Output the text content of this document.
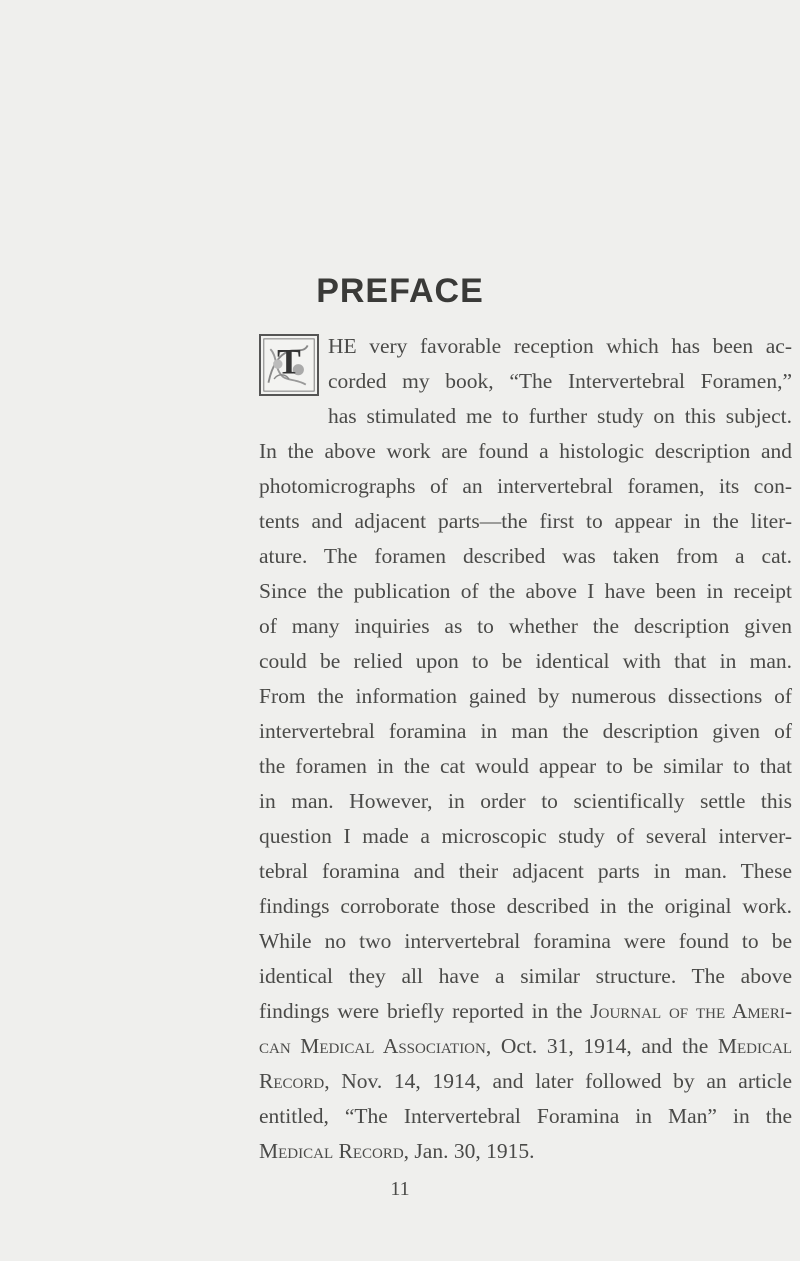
PREFACE
T HE very favorable reception which has been ac-
corded my book, “The Intervertebral Foramen,”
has stimulated me to further study on this subject.
In the above work are found a histologic description and
photomicrographs of an intervertebral foramen, its con-
tents and adjacent parts—the first to appear in the liter-
ature. The foramen described was taken from a cat.
Since the publication of the above I have been in receipt
of many inquiries as to whether the description given
could be relied upon to be identical with that in man.
From the information gained by numerous dissections of
intervertebral foramina in man the description given of
the foramen in the cat would appear to be similar to that
in man. However, in order to scientifically settle this
question I made a microscopic study of several interver-
tebral foramina and their adjacent parts in man. These
findings corroborate those described in the original work.
While no two intervertebral foramina were found to be
identical they all have a similar structure. The above
findings were briefly reported in the Journal of the Ameri-
can Medical Association, Oct. 31, 1914, and the Medical
Record, Nov. 14, 1914, and later followed by an article
entitled, “The Intervertebral Foramina in Man” in the
Medical Record, Jan. 30, 1915.
11
